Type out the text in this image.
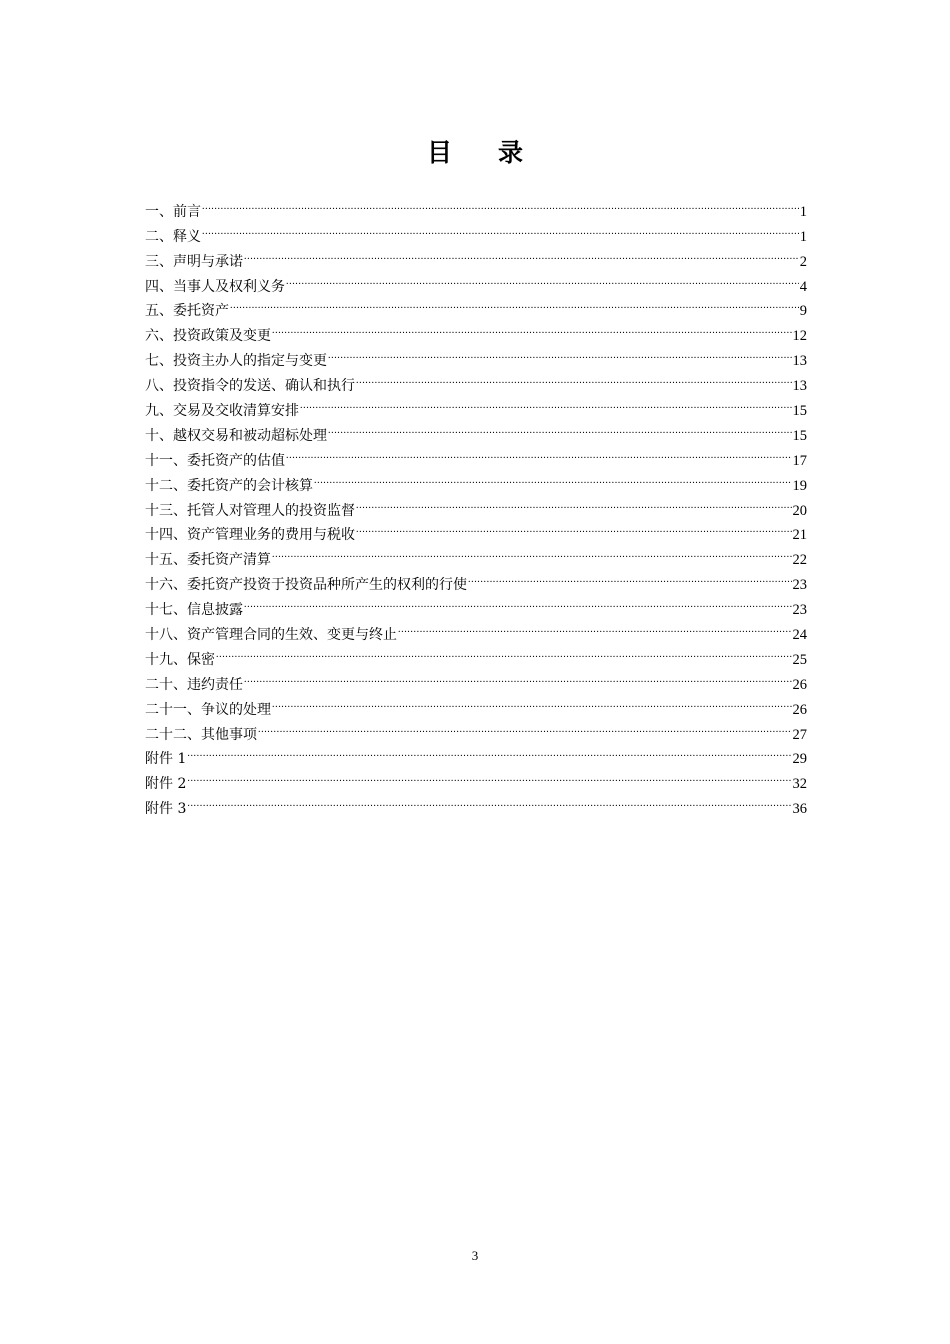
目 录
一、前言 .....	1
二、释义 .....	1
三、声明与承诺 .....	2
四、当事人及权利义务 .....	4
五、委托资产 .....	9
六、投资政策及变更 .....	12
七、投资主办人的指定与变更 .....	13
八、投资指令的发送、确认和执行 .....	13
九、交易及交收清算安排 .....	15
十、越权交易和被动超标处理 .....	15
十一、委托资产的估值 .....	17
十二、委托资产的会计核算 .....	19
十三、托管人对管理人的投资监督 .....	20
十四、资产管理业务的费用与税收 .....	21
十五、委托资产清算 .....	22
十六、委托资产投资于投资品种所产生的权利的行使 .....	23
十七、信息披露 .....	23
十八、资产管理合同的生效、变更与终止 .....	24
十九、保密 .....	25
二十、违约责任 .....	26
二十一、争议的处理 .....	26
二十二、其他事项 .....	27
附件 1 .....	29
附件 2 .....	32
附件 3 .....	36
3
